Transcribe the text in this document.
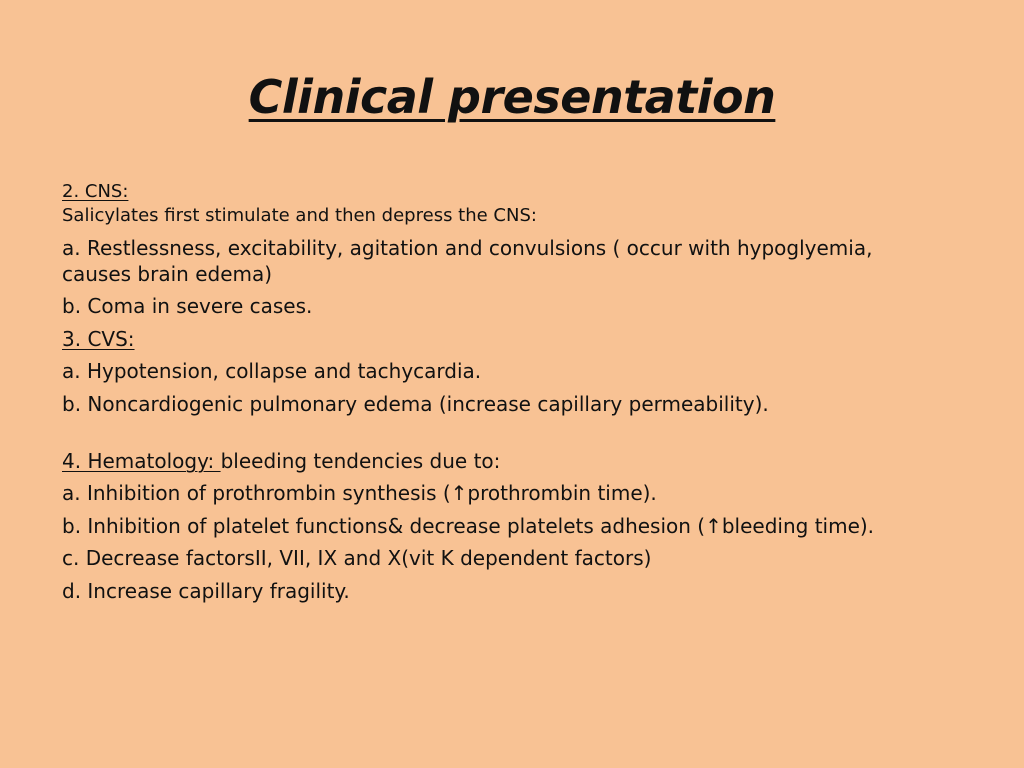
Clinical presentation
2. CNS:
Salicylates first stimulate and then depress the CNS:
a. Restlessness, excitability, agitation and convulsions ( occur with hypoglyemia,
causes brain edema)
b. Coma in severe cases.
3. CVS:
a. Hypotension, collapse and tachycardia.
b. Noncardiogenic pulmonary edema (increase capillary permeability).
4. Hematology: bleeding tendencies due to:
a. Inhibition of prothrombin synthesis (↑prothrombin time).
b. Inhibition of platelet functions& decrease platelets adhesion (↑bleeding time).
c. Decrease factorsII, VII, IX and X(vit K dependent factors)
d. Increase capillary fragility.
